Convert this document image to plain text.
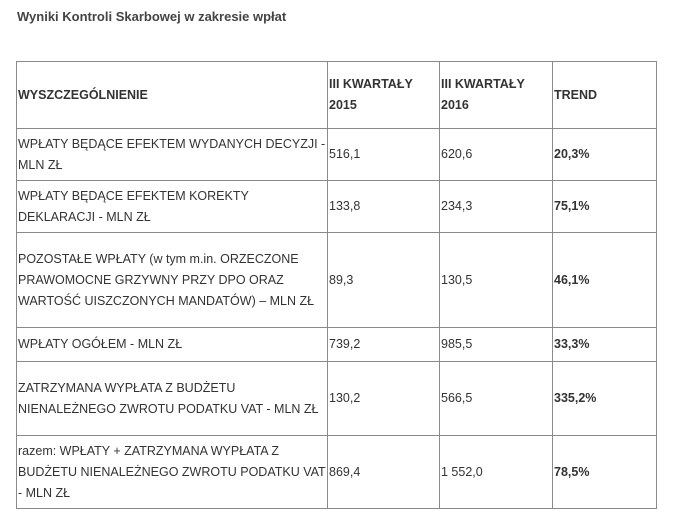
Wyniki Kontroli Skarbowej w zakresie wpłat
WYSZCZEGÓLNIENIE	III KWARTAŁY 2015	III KWARTAŁY 2016	TREND
WPŁATY BĘDĄCE EFEKTEM WYDANYCH DECYZJI - MLN ZŁ	516,1	620,6	20,3%
WPŁATY BĘDĄCE EFEKTEM KOREKTY DEKLARACJI - MLN ZŁ	133,8	234,3	75,1%
POZOSTAŁE WPŁATY (w tym m.in. ORZECZONE PRAWOMOCNE GRZYWNY PRZY DPO ORAZ WARTOŚĆ UISZCZONYCH MANDATÓW) – MLN ZŁ	89,3	130,5	46,1%
WPŁATY OGÓŁEM - MLN ZŁ	739,2	985,5	33,3%
ZATRZYMANA WYPŁATA Z BUDŻETU NIENALEŻNEGO ZWROTU PODATKU VAT - MLN ZŁ	130,2	566,5	335,2%
razem: WPŁATY + ZATRZYMANA WYPŁATA Z BUDŻETU NIENALEŻNEGO ZWROTU PODATKU VAT - MLN ZŁ	869,4	1 552,0	78,5%
